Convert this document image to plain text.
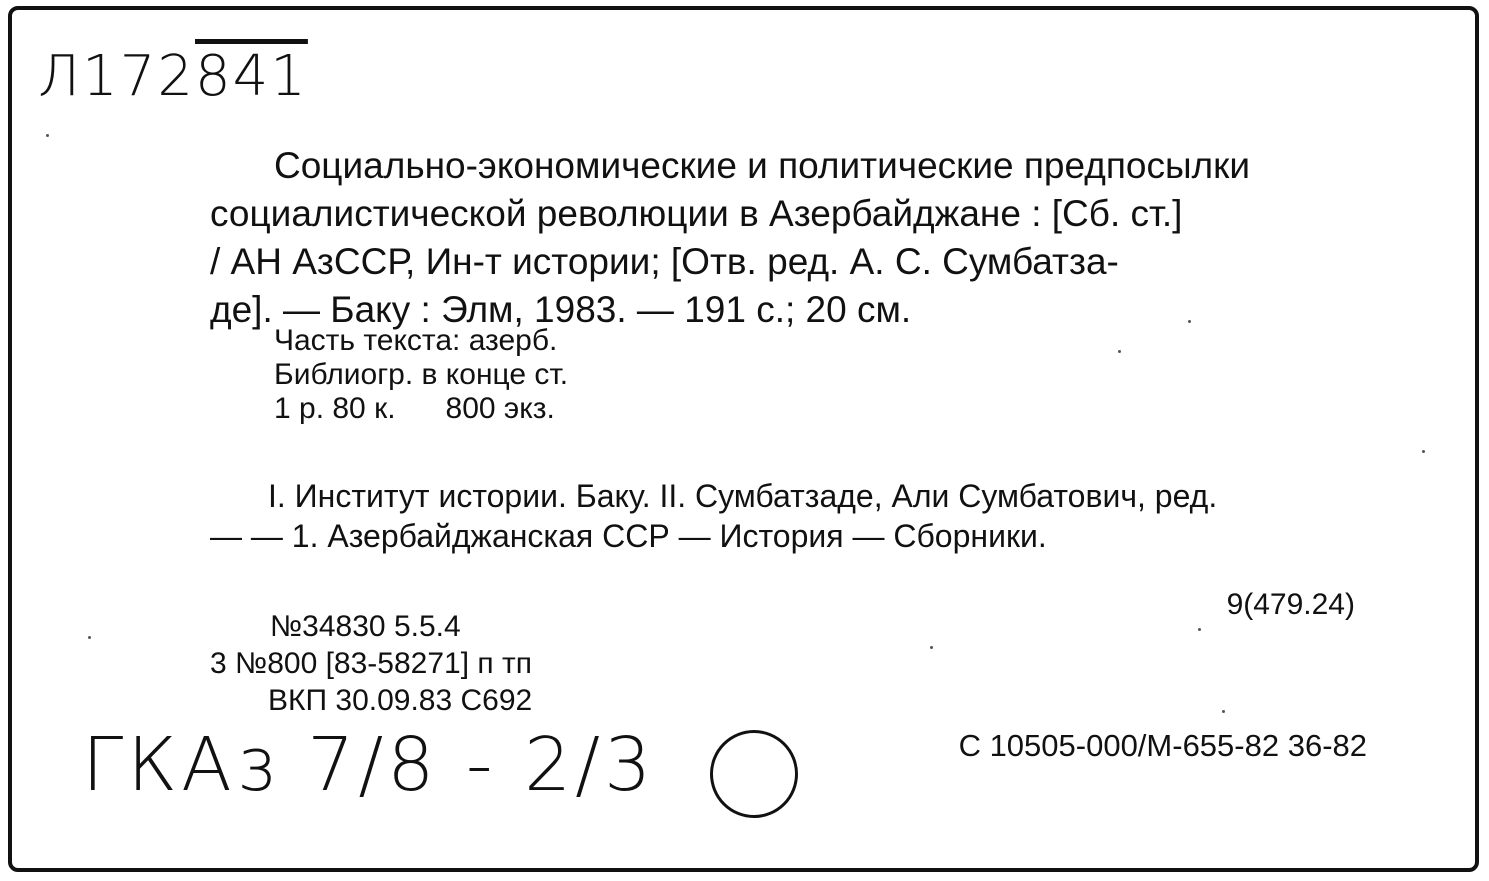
Л172841
Социально-экономические и политические предпосылки
социалистической революции в Азербайджане : [Сб. ст.]
/ АН АзССР, Ин-т истории; [Отв. ред. А. С. Сумбатза-
де]. — Баку : Элм, 1983. — 191 с.; 20 см.
Часть текста: азерб.
Библиогр. в конце ст.
1 р. 80 к. 800 экз.
I. Институт истории. Баку. II. Сумбатзаде, Али Сумбатович, ред.
— — 1. Азербайджанская ССР — История — Сборники.
9(479.24)
№34830 5.5.4
3 №800 [83-58271] п тп
ВКП 30.09.83 С692
С 10505-000/М-655-82 36-82
ГКАз 7/8 - 2/3
